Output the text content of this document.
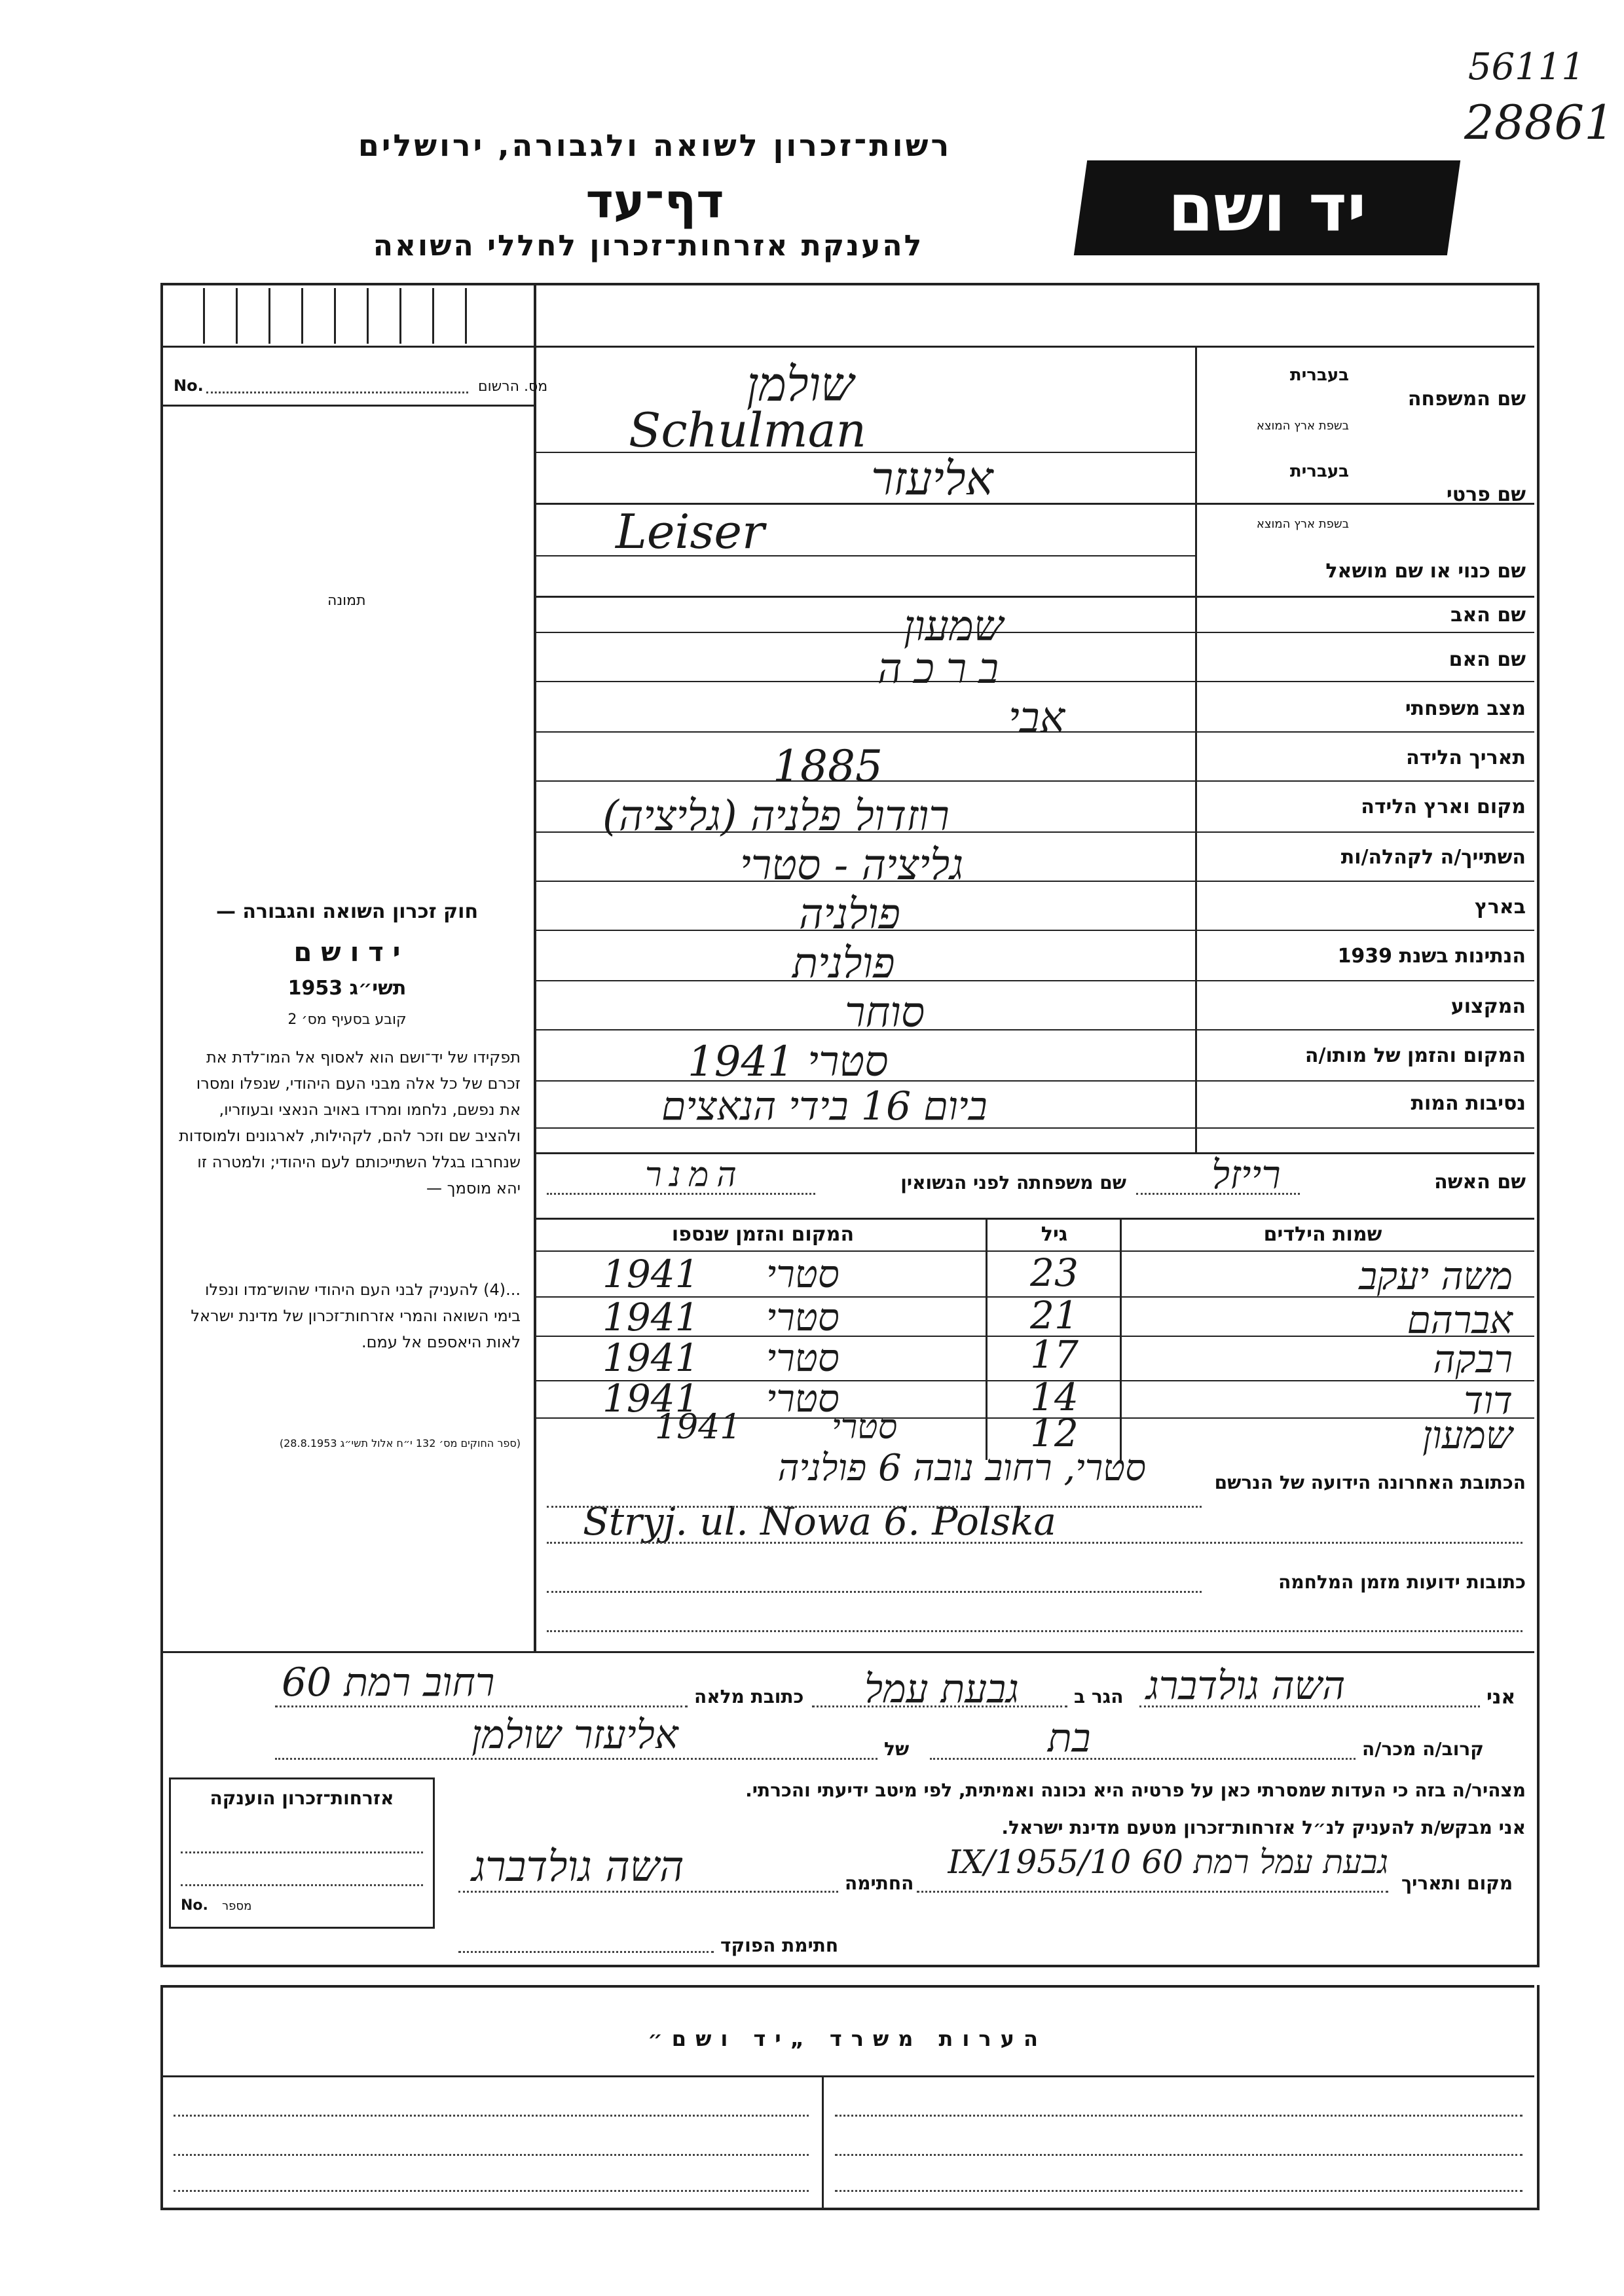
56111
28861
רשות־זכרון לשואה ולגבורה, ירושלים
דף־עד
להענקת אזרחות־זכרון לחללי השואה	יד ושם
מס. הרשום
No.
תמונה
חוק זכרון השואה והגבורה —
י ד ו ש ם
תשי״ג 1953
קובע בסעיף מס׳ 2
תפקידו של יד־ושם הוא לאסוף אל המו־לדת את זכרם של כל אלה מבני העם היהודי, שנפלו ומסרו את נפשם, נלחמו ומרדו באויב הנאצי ובעוזריו, ולהציב שם וזכר להם, לקהילות, לארגונים ולמוסדות שנחרבו בגלל השתייכותם לעם היהודי; ולמטרה זו יהא מוסמך —
...(4) להעניק לבני העם היהודי שהוש־מדו ונפלו בימי השואה והמרי אזרחות־זכרון של מדינת ישראל לאות היאספם אל עמם.
(ספר החוקים מס׳ 132 י״ח אלול תשי״ג 28.8.1953)
שם המשפחה
בעברית
בשפת ארץ המוצא
שולמן
Schulman
שם פרטי
בעברית
בשפת ארץ המוצא
אליעזר
Leiser
שם כנוי או שם מושאל
שם האב
שמעון
שם האם
ברכה
מצב משפחתי
אבי
תאריך הלידה
1885
מקום וארץ הלידה
רוזדול פלניה (גליציה)
השתייך/ה לקהלה/ות
גליציה - סטרי
בארץ
פולניה
הנתינות בשנת 1939
פולנית
המקצוע
סוחר
המקום והזמן של מותו/ה
סטרי 1941
נסיבות המות
ביום 16 בידי הנאצים
שם האשה
רייזל
שם משפחתה לפני הנשואין
המנר
שמות הילדים
גיל
המקום והזמן שנספו
משה יעקב
23
סטרי
1941
אברהם
21
סטרי
1941
רבקה
17
סטרי
1941
דוד
14
סטרי
1941
שמעון
12
סטרי
1941
הכתובת האחרונה הידועה של הנרשם
סטרי, רחוב נובה 6 פולניה
Stryj. ul. Nowa 6. Polska
כתובות ידועות מזמן המלחמה
אני
השה גולדברג
הגר ב
גבעת עמל
כתובת מלאה
רחוב רמת 60
קרוב/ה מכר/ה
בת
של
אליעזר שולמן
מצהיר/ה בזה כי העדות שמסרתי כאן על פרטיה היא נכונה ואמיתית, לפי מיטב ידיעתי והכרתי.
אני מבקש/ת להעניק לנ״ל אזרחות־זכרון מטעם מדינת ישראל.
מקום ותאריך
גבעת עמל רמת 60 10/IX/1955
החתימה
השה גולדברג
חתימת הפוקד
אזרחות־זכרון הוענקה
No. מספר
הערות משרד „יד ושם״
